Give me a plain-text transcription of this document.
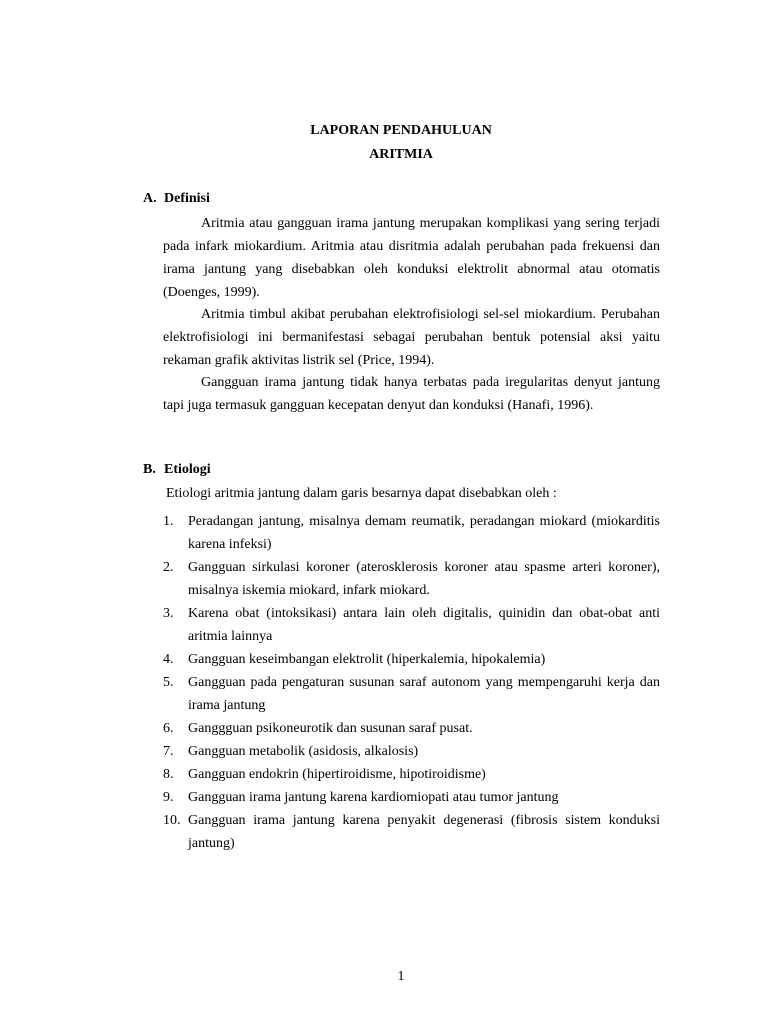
LAPORAN PENDAHULUAN
ARITMIA
A. Definisi

Aritmia atau gangguan irama jantung merupakan komplikasi yang sering terjadi pada infark miokardium. Aritmia atau disritmia adalah perubahan pada frekuensi dan irama jantung yang disebabkan oleh konduksi elektrolit abnormal atau otomatis (Doenges, 1999).

Aritmia timbul akibat perubahan elektrofisiologi sel-sel miokardium. Perubahan elektrofisiologi ini bermanifestasi sebagai perubahan bentuk potensial aksi yaitu rekaman grafik aktivitas listrik sel (Price, 1994).

Gangguan irama jantung tidak hanya terbatas pada iregularitas denyut jantung tapi juga termasuk gangguan kecepatan denyut dan konduksi (Hanafi, 1996).

B. Etiologi
Etiologi aritmia jantung dalam garis besarnya dapat disebabkan oleh :
1. Peradangan jantung, misalnya demam reumatik, peradangan miokard (miokarditis karena infeksi)
2. Gangguan sirkulasi koroner (aterosklerosis koroner atau spasme arteri koroner), misalnya iskemia miokard, infark miokard.
3. Karena obat (intoksikasi) antara lain oleh digitalis, quinidin dan obat-obat anti aritmia lainnya
4. Gangguan keseimbangan elektrolit (hiperkalemia, hipokalemia)
5. Gangguan pada pengaturan susunan saraf autonom yang mempengaruhi kerja dan irama jantung
6. Ganggguan psikoneurotik dan susunan saraf pusat.
7. Gangguan metabolik (asidosis, alkalosis)
8. Gangguan endokrin (hipertiroidisme, hipotiroidisme)
9. Gangguan irama jantung karena kardiomiopati atau tumor jantung
10. Gangguan irama jantung karena penyakit degenerasi (fibrosis sistem konduksi jantung)
1
